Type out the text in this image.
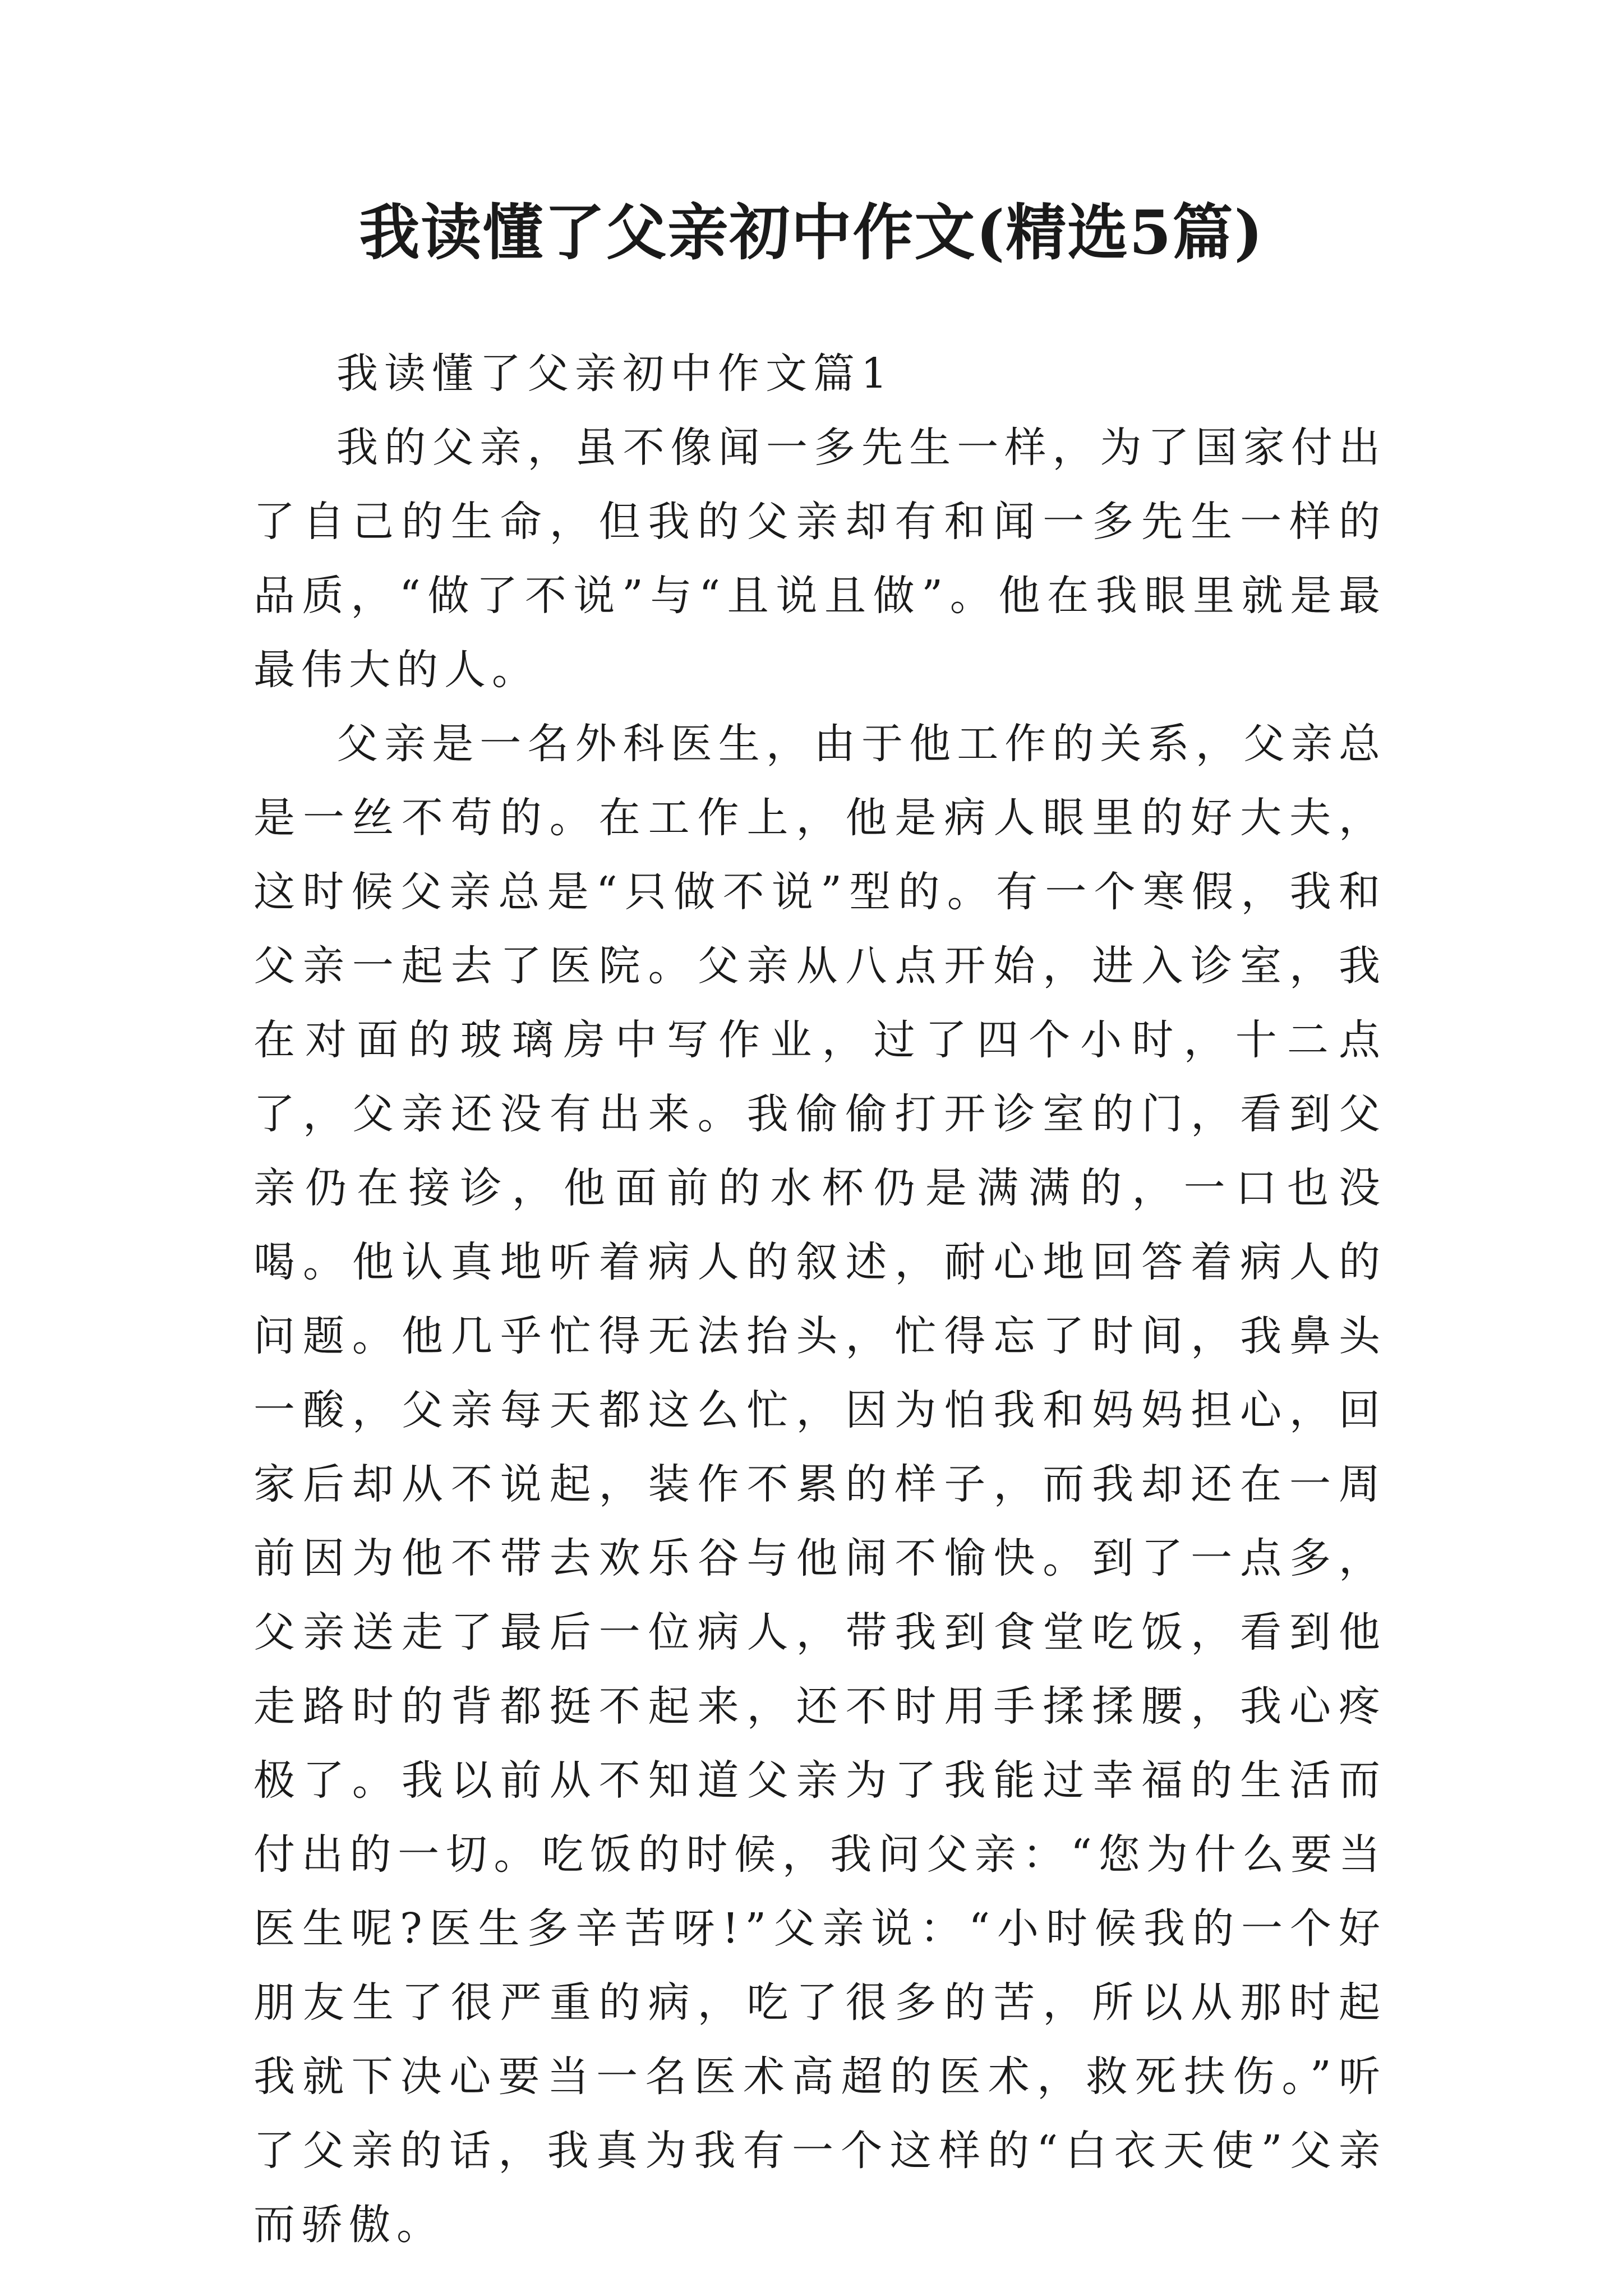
我读懂了父亲初中作文(精选5篇)

我读懂了父亲初中作文篇1

我的父亲，虽不像闻一多先生一样，为了国家付出了自己的生命，但我的父亲却有和闻一多先生一样的品质，“做了不说”与“且说且做”。他在我眼里就是最最伟大的人。

父亲是一名外科医生，由于他工作的关系，父亲总是一丝不苟的。在工作上，他是病人眼里的好大夫，这时候父亲总是“只做不说”型的。有一个寒假，我和父亲一起去了医院。父亲从八点开始，进入诊室，我在对面的玻璃房中写作业，过了四个小时，十二点了，父亲还没有出来。我偷偷打开诊室的门，看到父亲仍在接诊，他面前的水杯仍是满满的，一口也没喝。他认真地听着病人的叙述，耐心地回答着病人的问题。他几乎忙得无法抬头，忙得忘了时间，我鼻头一酸，父亲每天都这么忙，因为怕我和妈妈担心，回家后却从不说起，装作不累的样子，而我却还在一周前因为他不带去欢乐谷与他闹不愉快。到了一点多，父亲送走了最后一位病人，带我到食堂吃饭，看到他走路时的背都挺不起来，还不时用手揉揉腰，我心疼极了。我以前从不知道父亲为了我能过幸福的生活而付出的一切。吃饭的时候，我问父亲：“您为什么要当医生呢?医生多辛苦呀!”父亲说：“小时候我的一个好朋友生了很严重的病，吃了很多的苦，所以从那时起我就下决心要当一名医术高超的医术，救死扶伤。”听了父亲的话，我真为我有一个这样的“白衣天使”父亲而骄傲。
